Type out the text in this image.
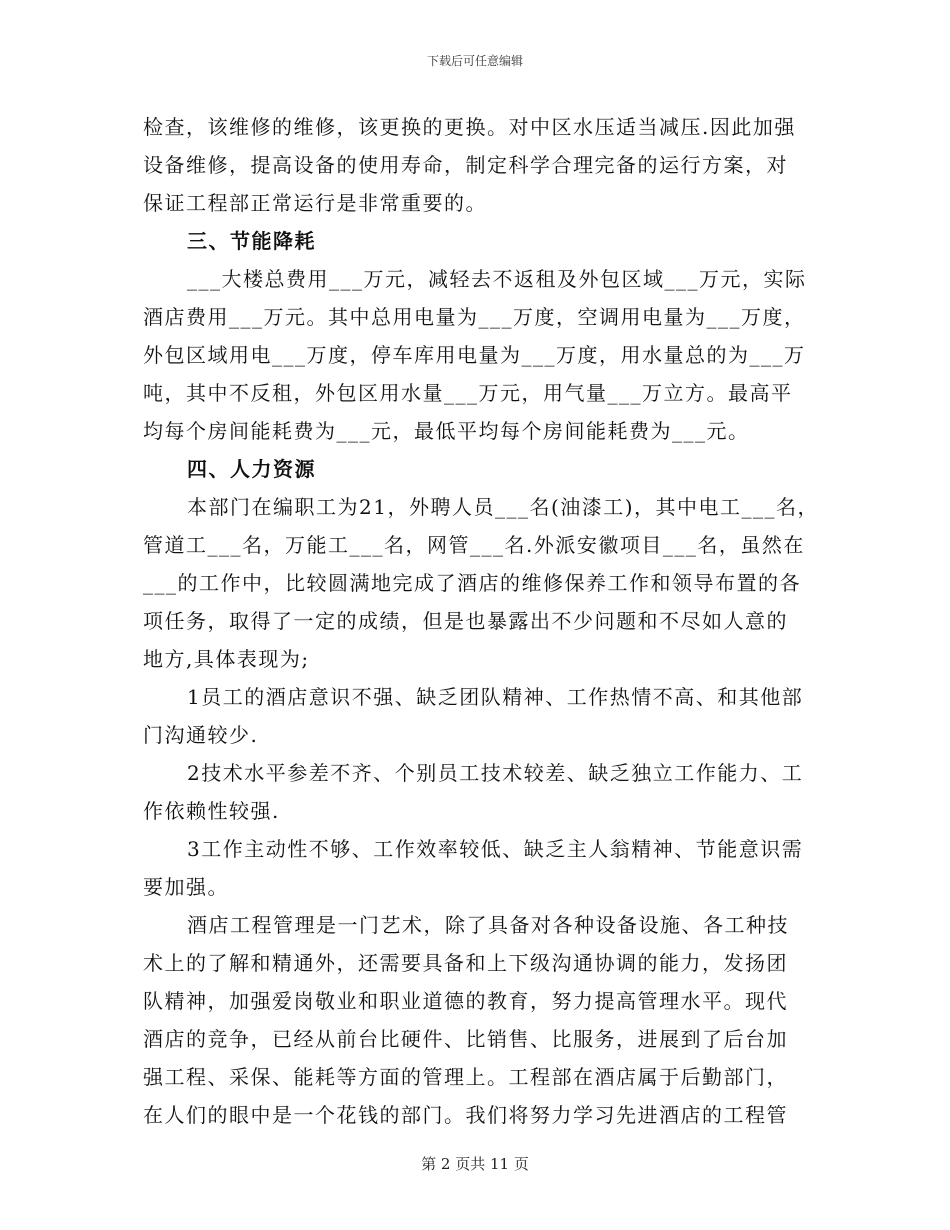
下载后可任意编辑
检查，该维修的维修，该更换的更换。对中区水压适当减压.因此加强
设备维修，提高设备的使用寿命，制定科学合理完备的运行方案，对
保证工程部正常运行是非常重要的。
三、节能降耗
___大楼总费用___万元，减轻去不返租及外包区域___万元，实际
酒店费用___万元。其中总用电量为___万度，空调用电量为___万度，
外包区域用电___万度，停车库用电量为___万度，用水量总的为___万
吨，其中不反租，外包区用水量___万元，用气量___万立方。最高平
均每个房间能耗费为___元，最低平均每个房间能耗费为___元。
四、人力资源
本部门在编职工为21，外聘人员___名(油漆工)，其中电工___名，
管道工___名，万能工___名，网管___名.外派安徽项目___名，虽然在
___的工作中，比较圆满地完成了酒店的维修保养工作和领导布置的各
项任务，取得了一定的成绩，但是也暴露出不少问题和不尽如人意的
地方,具体表现为;
1员工的酒店意识不强、缺乏团队精神、工作热情不高、和其他部
门沟通较少.
2技术水平参差不齐、个别员工技术较差、缺乏独立工作能力、工
作依赖性较强.
3工作主动性不够、工作效率较低、缺乏主人翁精神、节能意识需
要加强。
酒店工程管理是一门艺术，除了具备对各种设备设施、各工种技
术上的了解和精通外，还需要具备和上下级沟通协调的能力，发扬团
队精神，加强爱岗敬业和职业道德的教育，努力提高管理水平。现代
酒店的竞争，已经从前台比硬件、比销售、比服务，进展到了后台加
强工程、采保、能耗等方面的管理上。工程部在酒店属于后勤部门，
在人们的眼中是一个花钱的部门。我们将努力学习先进酒店的工程管
第 2 页共 11 页
